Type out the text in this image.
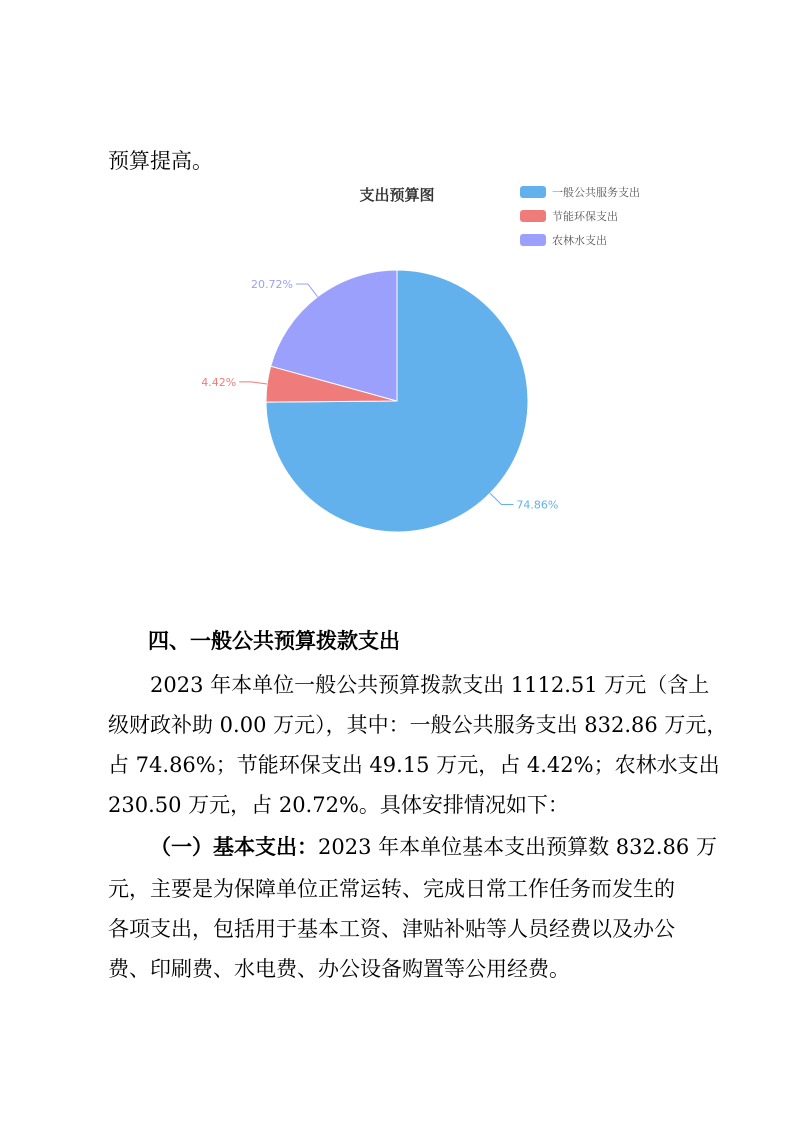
预算提高。
支出预算图
74.86%
4.42%
20.72%
一般公共服务支出
节能环保支出
农林水支出
四、一般公共预算拨款支出
2023 年本单位一般公共预算拨款支出 1112.51 万元（含上
级财政补助 0.00 万元），其中：一般公共服务支出 832.86 万元，
占 74.86%；节能环保支出 49.15 万元，占 4.42%；农林水支出
230.50 万元，占 20.72%。具体安排情况如下：
（一）基本支出：2023 年本单位基本支出预算数 832.86 万
元，主要是为保障单位正常运转、完成日常工作任务而发生的
各项支出，包括用于基本工资、津贴补贴等人员经费以及办公
费、印刷费、水电费、办公设备购置等公用经费。
